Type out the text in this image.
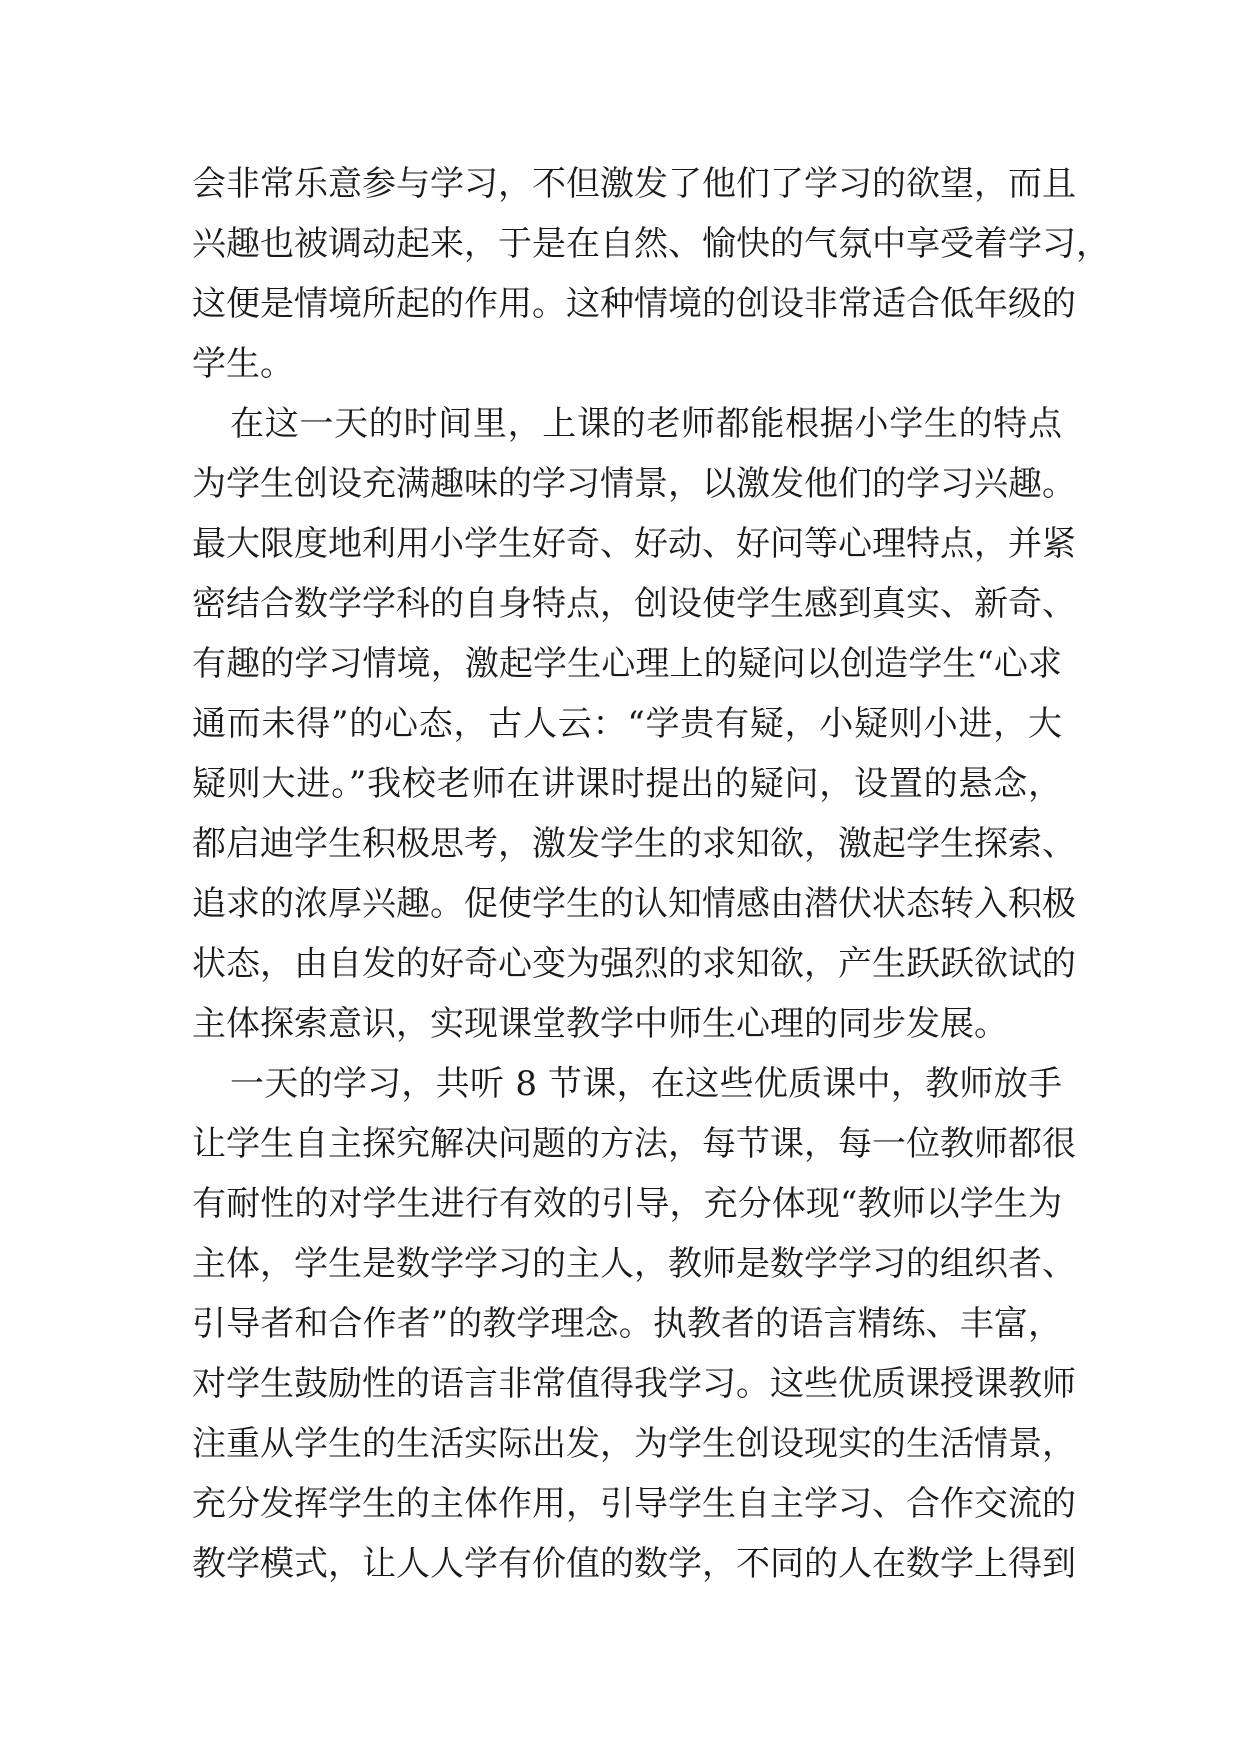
会非常乐意参与学习，不但激发了他们了学习的欲望，而且
兴趣也被调动起来，于是在自然、愉快的气氛中享受着学习，
这便是情境所起的作用。这种情境的创设非常适合低年级的
学生。
在这一天的时间里，上课的老师都能根据小学生的特点
为学生创设充满趣味的学习情景，以激发他们的学习兴趣。
最大限度地利用小学生好奇、好动、好问等心理特点，并紧
密结合数学学科的自身特点，创设使学生感到真实、新奇、
有趣的学习情境，激起学生心理上的疑问以创造学生“心求
通而未得”的心态，古人云：“学贵有疑，小疑则小进，大
疑则大进。”我校老师在讲课时提出的疑问，设置的悬念，
都启迪学生积极思考，激发学生的求知欲，激起学生探索、
追求的浓厚兴趣。促使学生的认知情感由潜伏状态转入积极
状态，由自发的好奇心变为强烈的求知欲，产生跃跃欲试的
主体探索意识，实现课堂教学中师生心理的同步发展。
一天的学习，共听 8 节课，在这些优质课中，教师放手
让学生自主探究解决问题的方法，每节课，每一位教师都很
有耐性的对学生进行有效的引导，充分体现“教师以学生为
主体，学生是数学学习的主人，教师是数学学习的组织者、
引导者和合作者”的教学理念。执教者的语言精练、丰富，
对学生鼓励性的语言非常值得我学习。这些优质课授课教师
注重从学生的生活实际出发，为学生创设现实的生活情景，
充分发挥学生的主体作用，引导学生自主学习、合作交流的
教学模式，让人人学有价值的数学，不同的人在数学上得到
